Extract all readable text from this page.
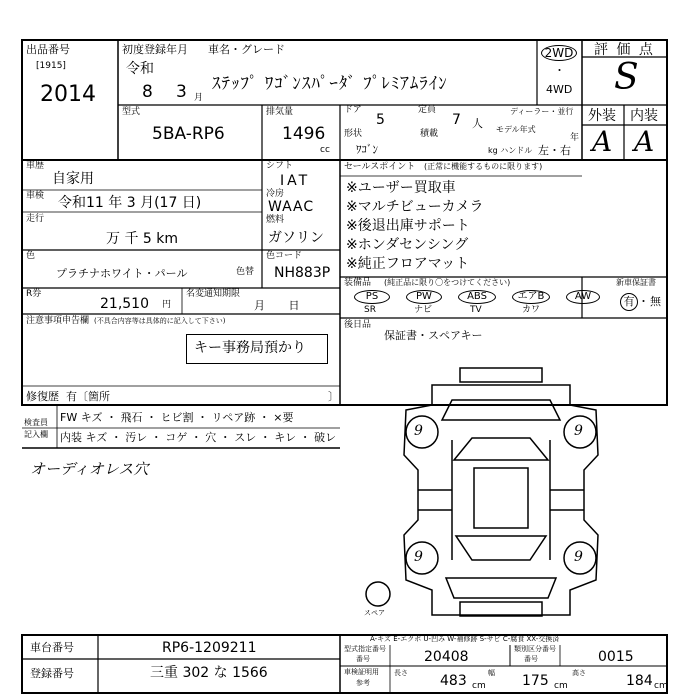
出品番号
[1915]
2014
初度登録年月 車名・グレード
令和
8 3 月
ｽﾃｯﾌﾟ ﾜｺﾞﾝｽﾊﾟｰﾀﾞ ﾌﾟﾚﾐｱﾑﾗｲﾝ
2WD
・
4WD
評 価 点
S
型式
5BA-RP6
排気量
1496
cc
ドア
5
定員
7 人
ディーラー・並行
モデル年式
年
形状
ﾜｺﾞﾝ
積載
kg ハンドル 左・右
外装 内装
A A
車歴
自家用
シフト
IAT
車検 令和11 年 3 月(17 日)
冷房
WAAC
走行
万 千 5 km
燃料
ガソリン
色
プラチナホワイト・パール	色替
色コード
NH883P
R券
21,510 円
名変通知期限
月 日
注意事項申告欄 (不具合内容等は具体的に記入して下さい)
キー事務局預かり
修復歴 有〔箇所	〕
セールスポイント (正常に機能するものに限ります)
※ユーザー買取車
※マルチビューカメラ
※後退出庫サポート
※ホンダセンシング
※純正フロアマット
装備品 (純正品に限り〇をつけてください)
PS
SR
PW
ナビ
ABS
TV
エアB
カワ
AW
新車保証書
有 ・ 無
後日品
保証書・スペアキー
検査員
記入欄
FW キズ ・ 飛石 ・ ヒビ割 ・ リペア跡 ・ ×要
内装 キズ ・ 汚レ ・ コゲ ・ 穴 ・ スレ ・ キレ ・ 破レ
オーディオレス穴
9	9
9	9
スペア
A-キズ E-エクボ U-凹み W-補修跡 S-サビ C-腐食 XX-交換済
車台番号	RP6-1209211
登録番号	三重 302 な 1566
型式指定番号
番号	20408	類別区分番号
番号	0015
車検証明用
参考
長さ 483 cm
幅 175 cm
高さ	184 cm
